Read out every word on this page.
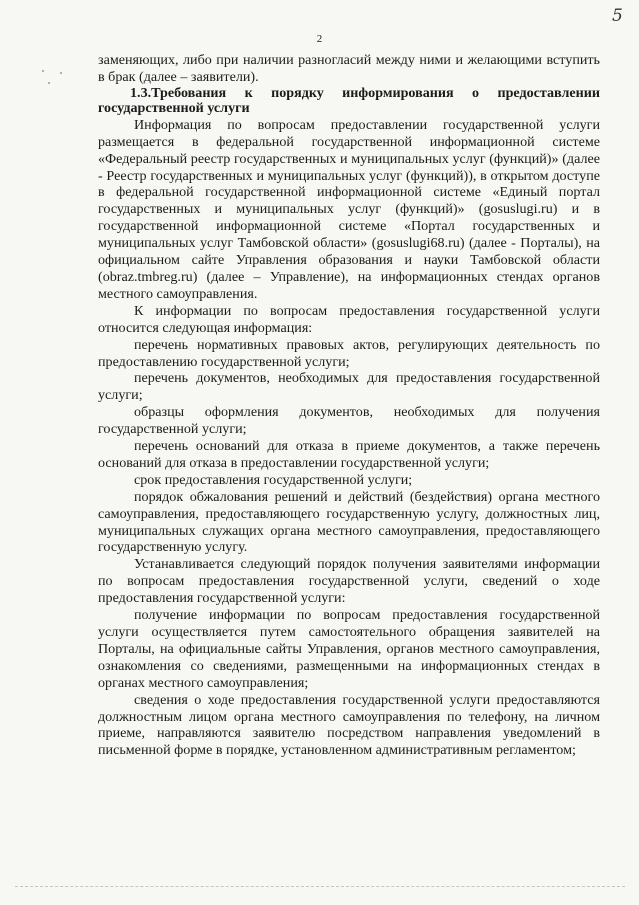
5
2

заменяющих, либо при наличии разногласий между ними и желающими вступить в брак (далее – заявители).

1.3.Требования к порядку информирования о предоставлении государственной услуги

Информация по вопросам предоставлении государственной услуги размещается в федеральной государственной информационной системе «Федеральный реестр государственных и муниципальных услуг (функций)» (далее - Реестр государственных и муниципальных услуг (функций)), в открытом доступе в федеральной государственной информационной системе «Единый портал государственных и муниципальных услуг (функций)» (gosuslugi.ru) и в государственной информационной системе «Портал государственных и муниципальных услуг Тамбовской области» (gosuslugi68.ru) (далее - Порталы), на официальном сайте Управления образования и науки Тамбовской области (obraz.tmbreg.ru) (далее – Управление), на информационных стендах органов местного самоуправления.

К информации по вопросам предоставления государственной услуги относится следующая информация:

перечень нормативных правовых актов, регулирующих деятельность по предоставлению государственной услуги;

перечень документов, необходимых для предоставления государственной услуги;

образцы оформления документов, необходимых для получения государственной услуги;

перечень оснований для отказа в приеме документов, а также перечень оснований для отказа в предоставлении государственной услуги;

срок предоставления государственной услуги;

порядок обжалования решений и действий (бездействия) органа местного самоуправления, предоставляющего государственную услугу, должностных лиц, муниципальных служащих органа местного самоуправления, предоставляющего государственную услугу.

Устанавливается следующий порядок получения заявителями информации по вопросам предоставления государственной услуги, сведений о ходе предоставления государственной услуги:

получение информации по вопросам предоставления государственной услуги осуществляется путем самостоятельного обращения заявителей на Порталы, на официальные сайты Управления, органов местного самоуправления, ознакомления со сведениями, размещенными на информационных стендах в органах местного самоуправления;

сведения о ходе предоставления государственной услуги предоставляются должностным лицом органа местного самоуправления по телефону, на личном приеме, направляются заявителю посредством направления уведомлений в письменной форме в порядке, установленном административным регламентом;
